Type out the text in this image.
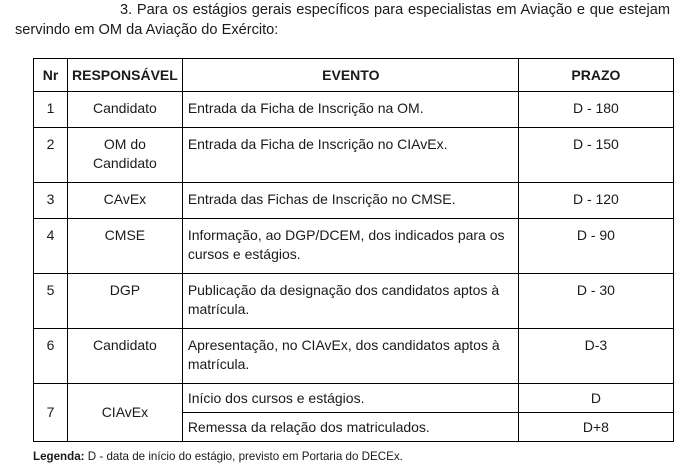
3. Para os estágios gerais específicos para especialistas em Aviação e que estejam
servindo em OM da Aviação do Exército:
Nr	RESPONSÁVEL	EVENTO	PRAZO
1	Candidato	Entrada da Ficha de Inscrição na OM.	D - 180
2	OM do Candidato	Entrada da Ficha de Inscrição no CIAvEx.	D - 150
3	CAvEx	Entrada das Fichas de Inscrição no CMSE.	D - 120
4	CMSE	Informação, ao DGP/DCEM, dos indicados para os cursos e estágios.	D - 90
5	DGP	Publicação da designação dos candidatos aptos à matrícula.	D - 30
6	Candidato	Apresentação, no CIAvEx, dos candidatos aptos à matrícula.	D-3
7	CIAvEx	Início dos cursos e estágios.	D
		Remessa da relação dos matriculados.	D+8
Legenda: D - data de início do estágio, previsto em Portaria do DECEx.
